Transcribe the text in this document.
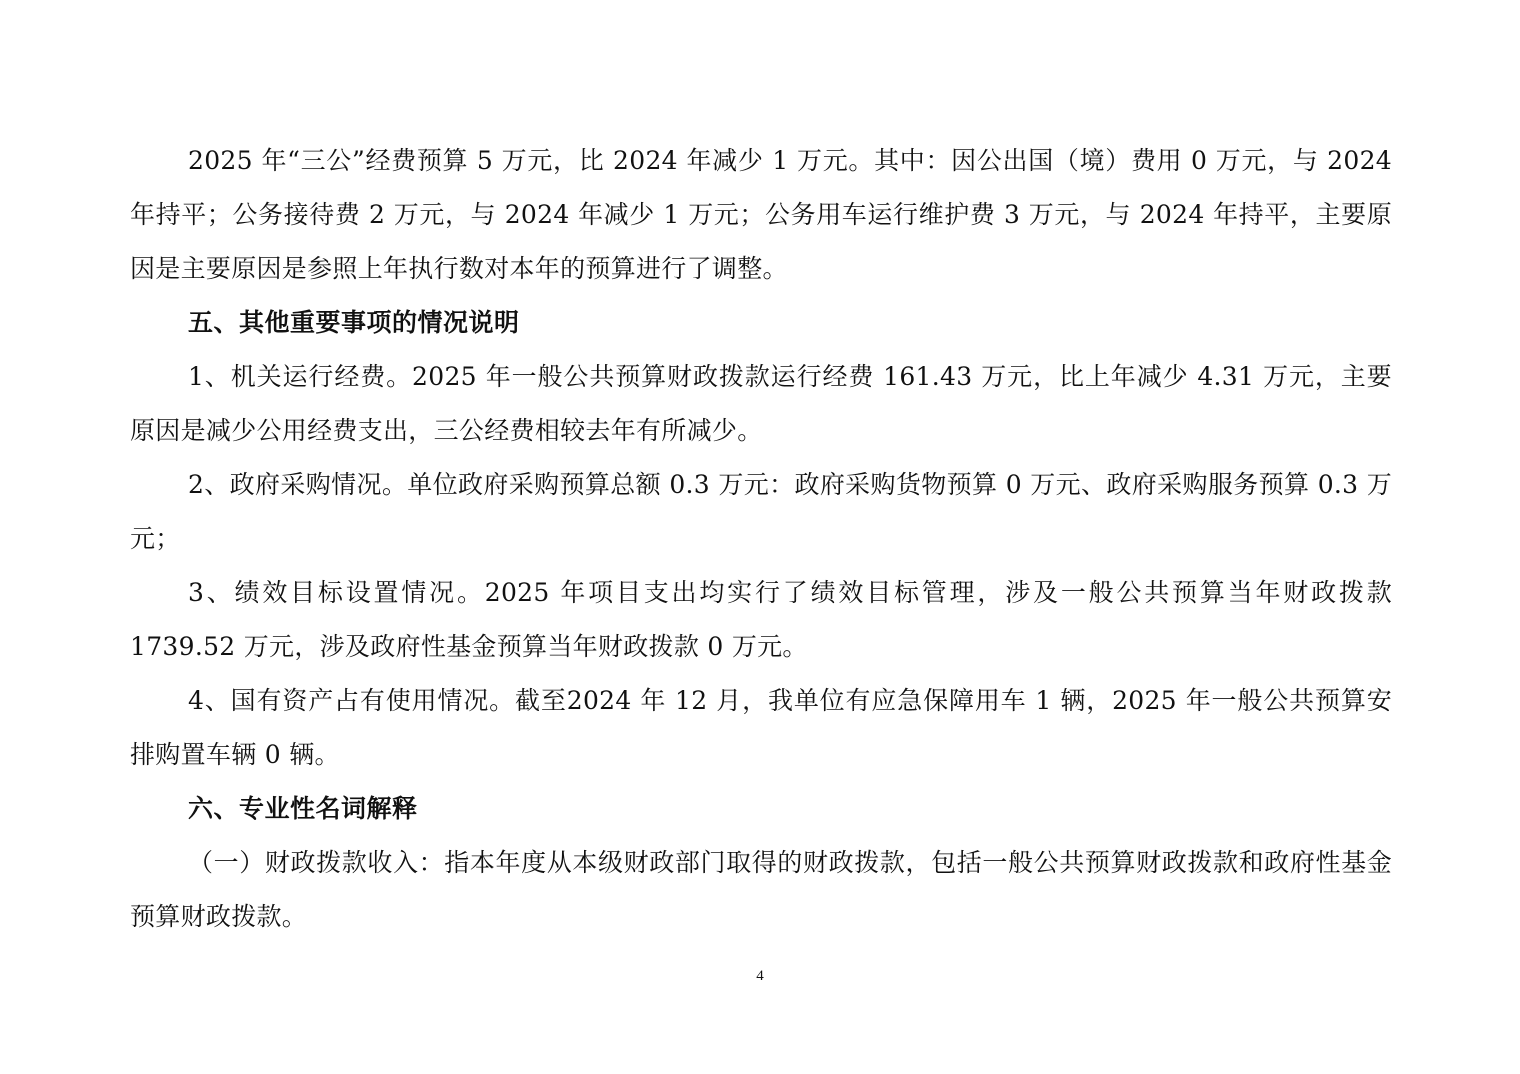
2025 年“三公”经费预算 5 万元，比 2024 年减少 1 万元。其中：因公出国（境）费用 0 万元，与 2024 年持平；公务接待费 2 万元，与 2024 年减少 1 万元；公务用车运行维护费 3 万元，与 2024 年持平，主要原因是主要原因是参照上年执行数对本年的预算进行了调整。

五、其他重要事项的情况说明

1、机关运行经费。2025 年一般公共预算财政拨款运行经费 161.43 万元，比上年减少 4.31 万元，主要原因是减少公用经费支出，三公经费相较去年有所减少。

2、政府采购情况。单位政府采购预算总额 0.3 万元：政府采购货物预算 0 万元、政府采购服务预算 0.3 万元；

3、绩效目标设置情况。2025 年项目支出均实行了绩效目标管理，涉及一般公共预算当年财政拨款 1739.52 万元，涉及政府性基金预算当年财政拨款 0 万元。

4、国有资产占有使用情况。截至2024 年 12 月，我单位有应急保障用车 1 辆，2025 年一般公共预算安排购置车辆 0 辆。

六、专业性名词解释

（一）财政拨款收入：指本年度从本级财政部门取得的财政拨款，包括一般公共预算财政拨款和政府性基金预算财政拨款。

4
